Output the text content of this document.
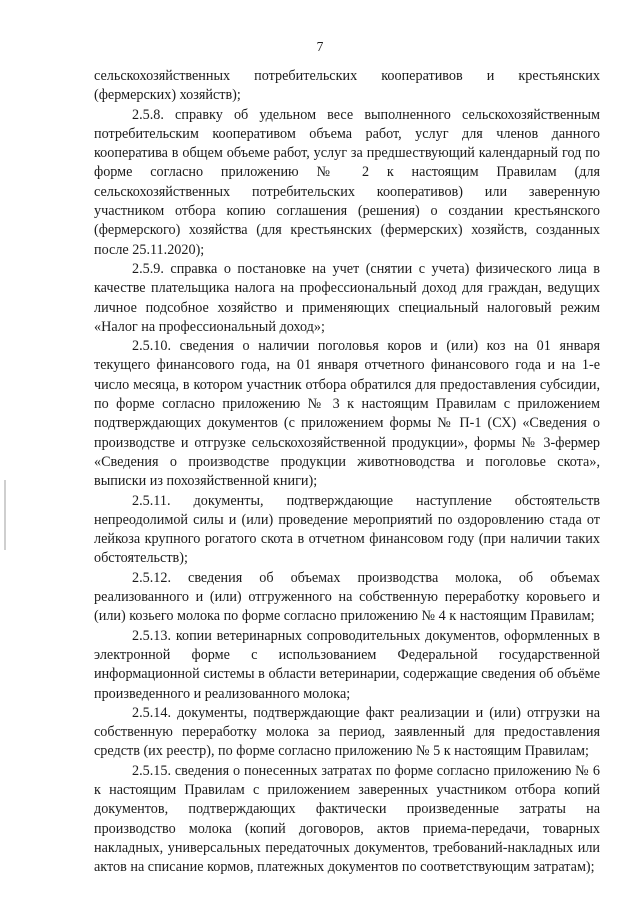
7

сельскохозяйственных потребительских кооперативов и крестьянских (фермерских) хозяйств);

2.5.8. справку об удельном весе выполненного сельскохозяйственным потребительским кооперативом объема работ, услуг для членов данного кооператива в общем объеме работ, услуг за предшествующий календарный год по форме согласно приложению № 2 к настоящим Правилам (для сельскохозяйственных потребительских кооперативов) или заверенную участником отбора копию соглашения (решения) о создании крестьянского (фермерского) хозяйства (для крестьянских (фермерских) хозяйств, созданных после 25.11.2020);

2.5.9. справка о постановке на учет (снятии с учета) физического лица в качестве плательщика налога на профессиональный доход для граждан, ведущих личное подсобное хозяйство и применяющих специальный налоговый режим «Налог на профессиональный доход»;

2.5.10. сведения о наличии поголовья коров и (или) коз на 01 января текущего финансового года, на 01 января отчетного финансового года и на 1-е число месяца, в котором участник отбора обратился для предоставления субсидии, по форме согласно приложению № 3 к настоящим Правилам с приложением подтверждающих документов (с приложением формы № П-1 (СХ) «Сведения о производстве и отгрузке сельскохозяйственной продукции», формы № 3-фермер «Сведения о производстве продукции животноводства и поголовье скота», выписки из похозяйственной книги);

2.5.11. документы, подтверждающие наступление обстоятельств непреодолимой силы и (или) проведение мероприятий по оздоровлению стада от лейкоза крупного рогатого скота в отчетном финансовом году (при наличии таких обстоятельств);

2.5.12. сведения об объемах производства молока, об объемах реализованного и (или) отгруженного на собственную переработку коровьего и (или) козьего молока по форме согласно приложению № 4 к настоящим Правилам;

2.5.13. копии ветеринарных сопроводительных документов, оформленных в электронной форме с использованием Федеральной государственной информационной системы в области ветеринарии, содержащие сведения об объёме произведенного и реализованного молока;

2.5.14. документы, подтверждающие факт реализации и (или) отгрузки на собственную переработку молока за период, заявленный для предоставления средств (их реестр), по форме согласно приложению № 5 к настоящим Правилам;

2.5.15. сведения о понесенных затратах по форме согласно приложению № 6 к настоящим Правилам с приложением заверенных участником отбора копий документов, подтверждающих фактически произведенные затраты на производство молока (копий договоров, актов приема-передачи, товарных накладных, универсальных передаточных документов, требований-накладных или актов на списание кормов, платежных документов по соответствующим затратам);
